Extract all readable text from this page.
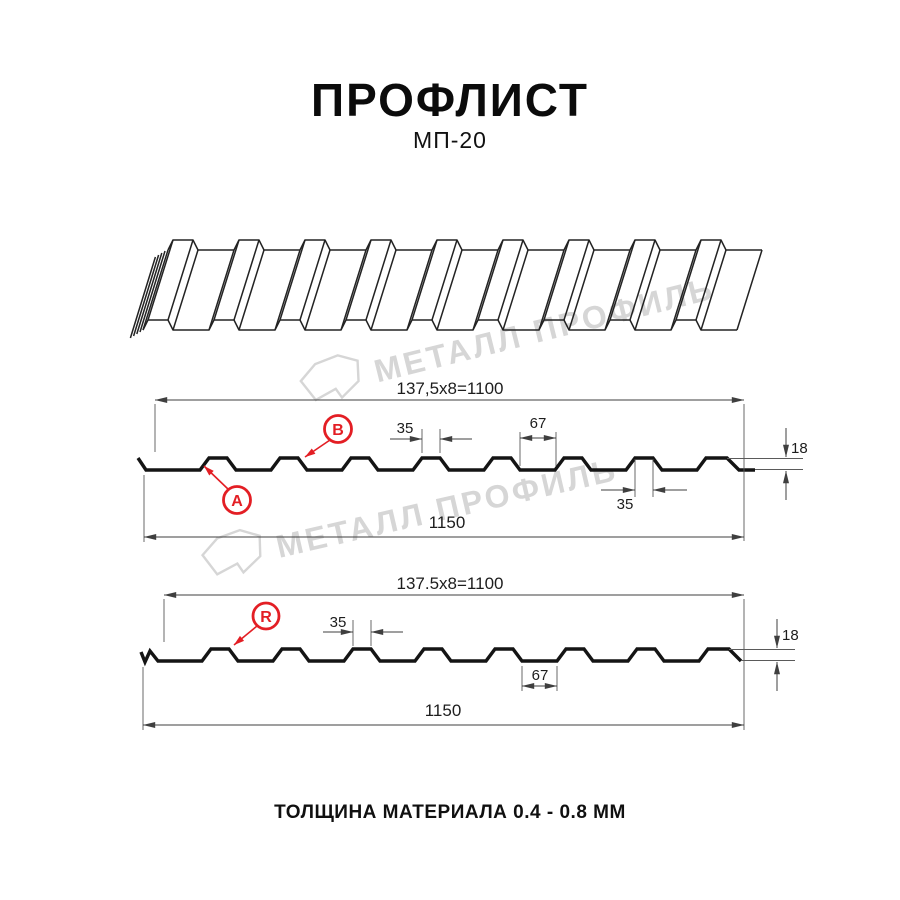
МЕТАЛЛ ПРОФИЛЬ
ПРОФЛИСТ
МП-20
137,5x8=1100
35	67
35
1150
18
B
A
137.5x8=1100
35
67
1150
18
R
ТОЛЩИНА МАТЕРИАЛА 0.4 - 0.8 ММ
